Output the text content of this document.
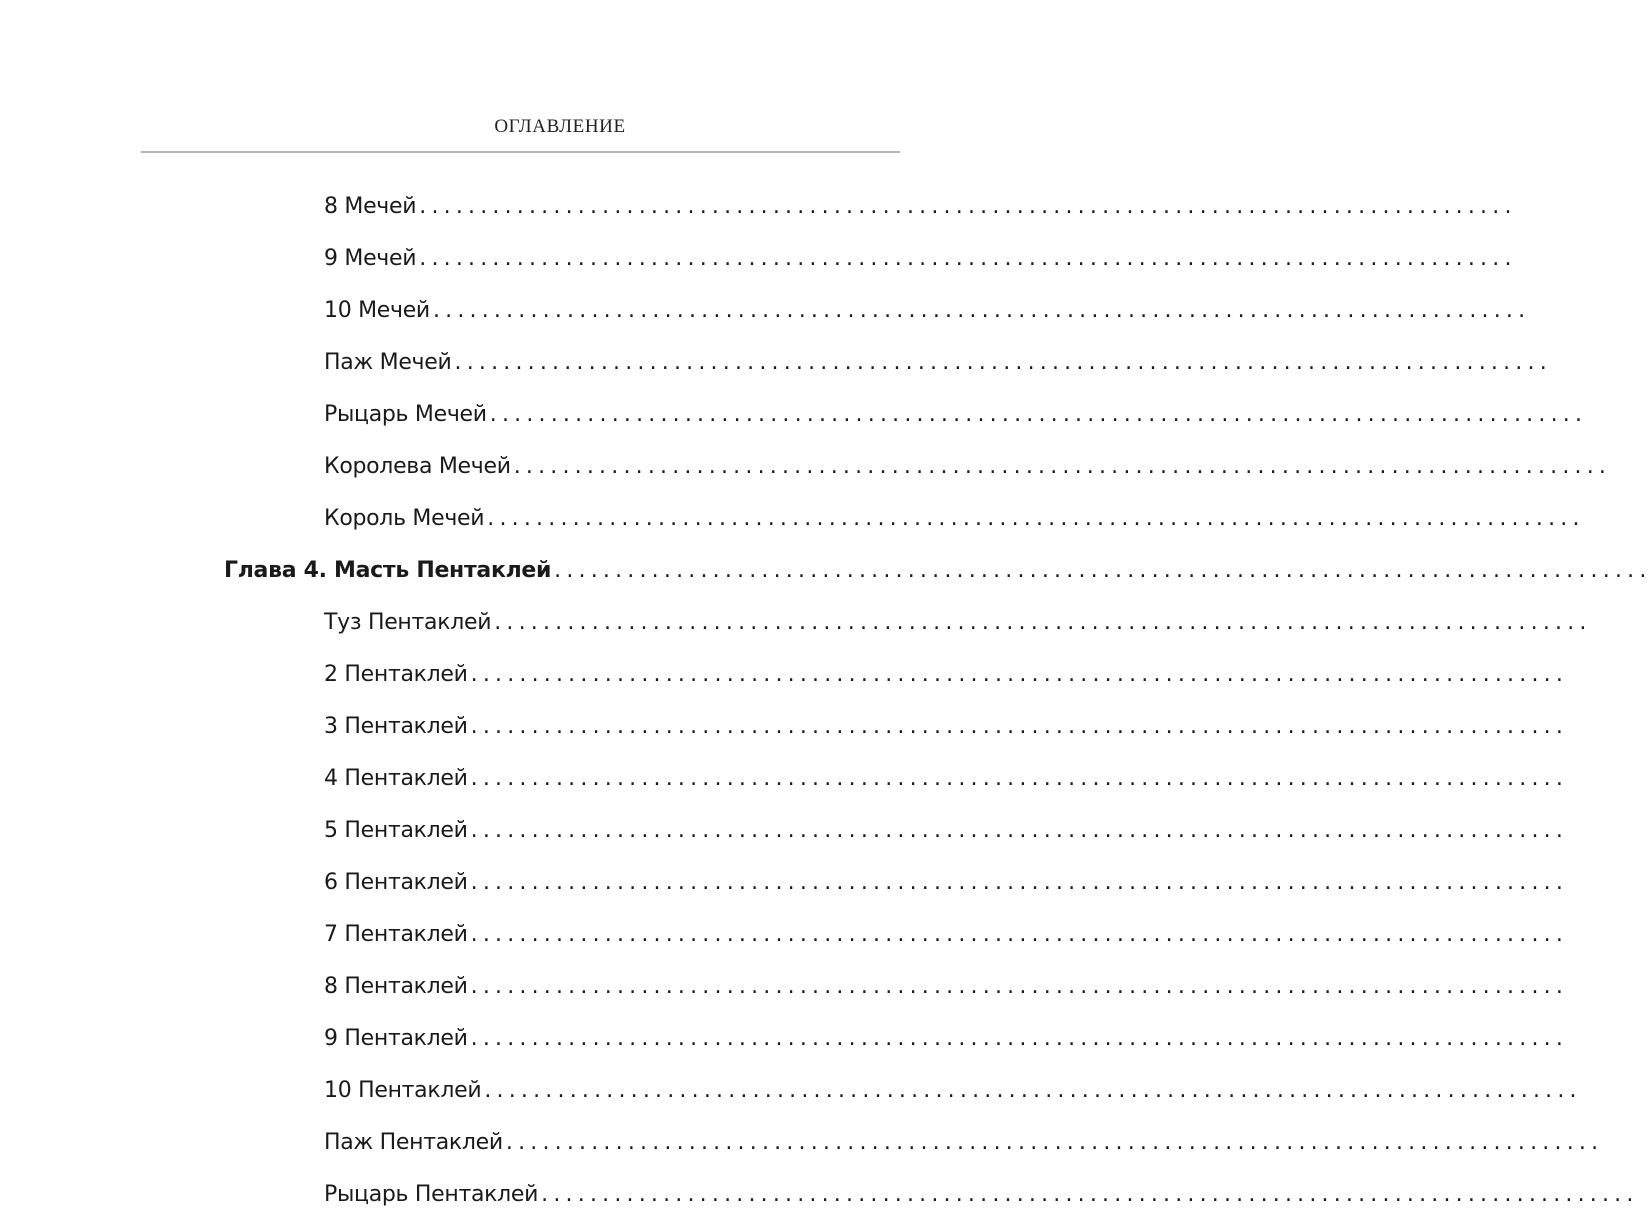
ОГЛАВЛЕНИЕ
8 Мечей ..........................................................................................
9 Мечей ..........................................................................................
10 Мечей ..........................................................................................
Паж Мечей ..........................................................................................
Рыцарь Мечей ..........................................................................................
Королева Мечей ..........................................................................................
Король Мечей ..........................................................................................
Глава 4. Масть Пентаклей ..........................................................................................
Туз Пентаклей ..........................................................................................
2 Пентаклей ..........................................................................................
3 Пентаклей ..........................................................................................
4 Пентаклей ..........................................................................................
5 Пентаклей ..........................................................................................
6 Пентаклей ..........................................................................................
7 Пентаклей ..........................................................................................
8 Пентаклей ..........................................................................................
9 Пентаклей ..........................................................................................
10 Пентаклей ..........................................................................................
Паж Пентаклей ..........................................................................................
Рыцарь Пентаклей ..........................................................................................
